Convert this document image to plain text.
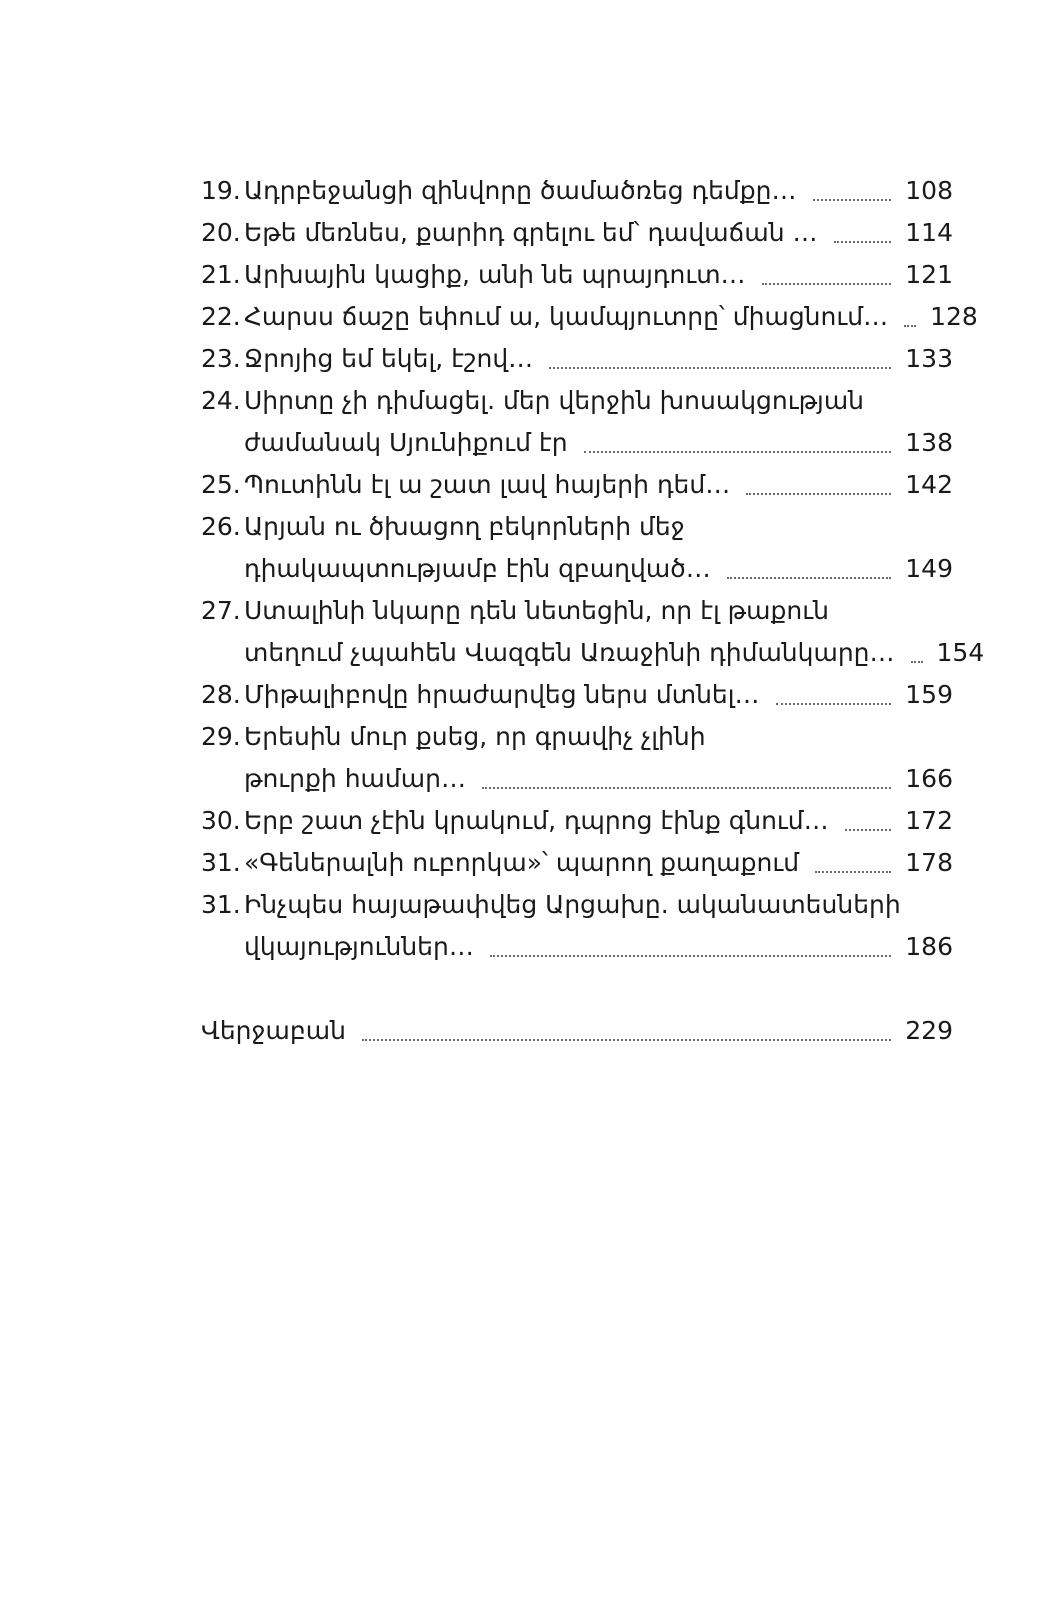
19. Ադրբեջանցի զինվորը ծամածռեց դեմքը…	108
20. Եթե մեռնես, քարիդ գրելու եմ՝ դավաճան …	114
21. Արխային կացիք, անի նե պրայդուտ…	121
22. Հարսս ճաշը եփում ա, կամպյուտրը՝ միացնում… 128
23. Ջրոյից եմ եկել, էշով…	133
24. Սիրտը չի դիմացել. մեր վերջին խոսակցության
ժամանակ Սյունիքում էր	138
25. Պուտինն էլ ա շատ լավ հայերի դեմ…	142
26. Արյան ու ծխացող բեկորների մեջ
դիակապտությամբ էին զբաղված…	149
27. Ստալինի նկարը դեն նետեցին, որ էլ թաքուն
տեղում չպահեն Վազգեն Առաջինի դիմանկարը… 154
28. Միթալիբովը հրաժարվեց ներս մտնել…	159
29. Երեսին մուր քսեց, որ գրավիչ չլինի
թուրքի համար…	166
30. Երբ շատ չէին կրակում, դպրոց էինք գնում…	172
31. «Գեներալնի ուբորկա»՝ պարող քաղաքում	178
31. Ինչպես հայաթափվեց Արցախը. ականատեսների
վկայություններ…	186
Վերջաբան	229
